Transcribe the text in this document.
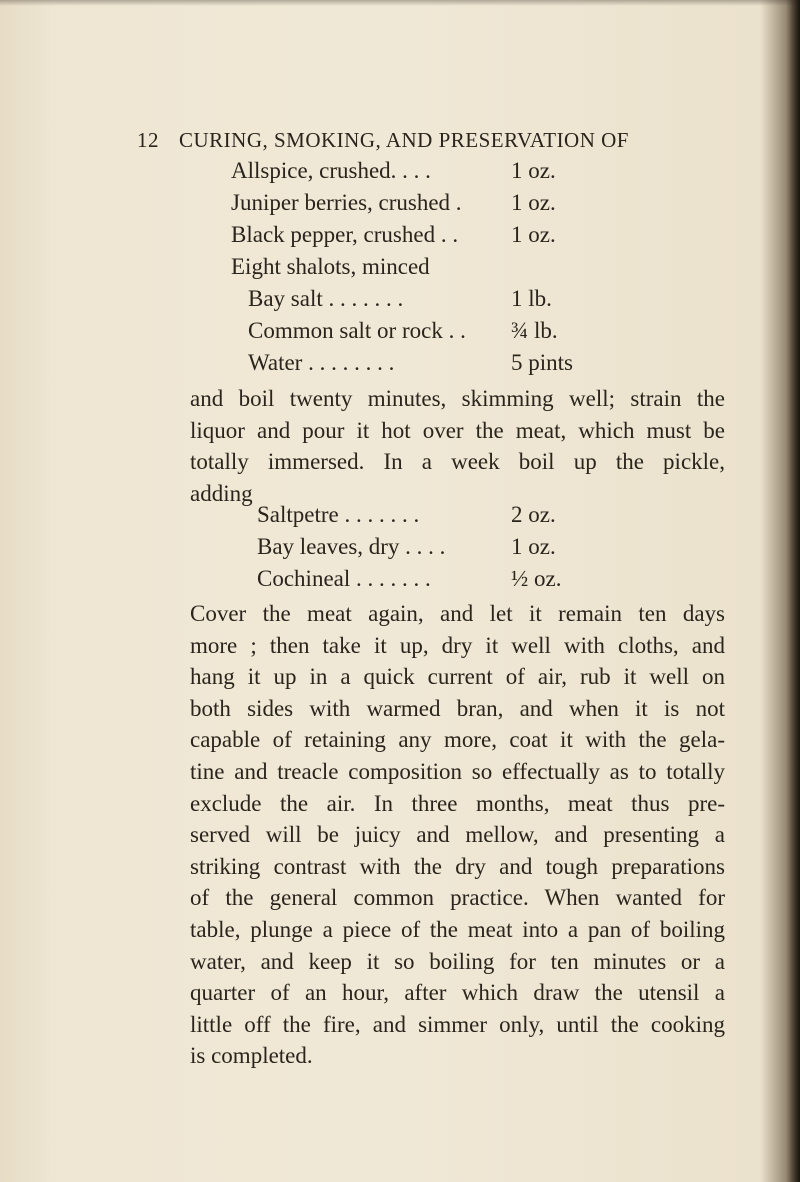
12 CURING, SMOKING, AND PRESERVATION OF
Allspice, crushed. . . .	1 oz.
Juniper berries, crushed . 1 oz.
Black pepper, crushed . . 1 oz.
Eight shalots, minced
Bay salt . . . . . . .	1 lb.
Common salt or rock . . ¾ lb.
Water . . . . . . . .	5 pints
and boil twenty minutes, skimming well; strain the
liquor and pour it hot over the meat, which must be
totally immersed. In a week boil up the pickle,
adding
Saltpetre . . . . . . .	2 oz.
Bay leaves, dry . . . .	1 oz.
Cochineal . . . . . . .	½ oz.
Cover the meat again, and let it remain ten days
more ; then take it up, dry it well with cloths, and
hang it up in a quick current of air, rub it well on
both sides with warmed bran, and when it is not
capable of retaining any more, coat it with the gela-
tine and treacle composition so effectually as to totally
exclude the air. In three months, meat thus pre-
served will be juicy and mellow, and presenting a
striking contrast with the dry and tough preparations
of the general common practice. When wanted for
table, plunge a piece of the meat into a pan of boiling
water, and keep it so boiling for ten minutes or a
quarter of an hour, after which draw the utensil a
little off the fire, and simmer only, until the cooking
is completed.
